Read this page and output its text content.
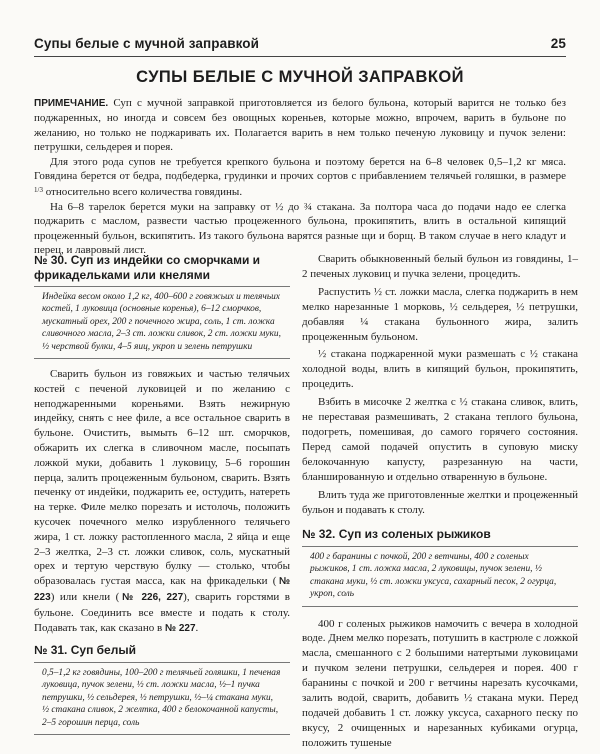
Супы белые с мучной заправкой	25
СУПЫ БЕЛЫЕ С МУЧНОЙ ЗАПРАВКОЙ

ПРИМЕЧАНИЕ. Суп с мучной заправкой приготовляется из белого бульона, который варится не только без поджаренных, но иногда и совсем без овощных кореньев, которые можно, впрочем, варить в бульоне по желанию, но только не поджаривать их. Полагается варить в нем только печеную луковицу и пучок зелени: петрушки, сельдерея и порея.

Для этого рода супов не требуется крепкого бульона и поэтому берется на 6–8 человек 0,5–1,2 кг мяса. Говядина берется от бедра, подбедерка, грудинки и прочих сортов с прибавлением телячьей голяшки, в размере $^{1/3}$ относительно всего количества говядины.

На 6–8 тарелок берется муки на заправку от ½ до ¾ стакана. За полтора часа до подачи надо ее слегка поджарить с маслом, развести частью процеженного бульона, прокипятить, влить в остальной кипящий процеженный бульон, вскипятить. Из такого бульона варятся разные щи и борщ. В таком случае в него кладут и перец, и лавровый лист.

№ 30. Суп из индейки со сморчками и фрикадельками или кнелями
Индейка весом около 1,2 кг, 400–600 г говяжьих и телячьих костей, 1 луковица (основные коренья), 6–12 сморчков, мускатный орех, 200 г почечного жира, соль, 1 ст. ложка сливочного масла, 2–3 ст. ложки сливок, 2 ст. ложки муки, ½ черствой булки, 4–5 яиц, укроп и зелень петрушки

Сварить бульон из говяжьих и частью телячьих костей с печеной луковицей и по желанию с неподжаренными кореньями. Взять нежирную индейку, снять с нее филе, а все остальное сварить в бульоне. Очистить, вымыть 6–12 шт. сморчков, обжарить их слегка в сливочном масле, посыпать ложкой муки, добавить 1 луковицу, 5–6 горошин перца, залить процеженным бульоном, сварить. Взять печенку от индейки, поджарить ее, остудить, натереть на терке. Филе мелко порезать и истолочь, положить кусочек почечного мелко изрубленного телячьего жира, 1 ст. ложку растопленного масла, 2 яйца и еще 2–3 желтка, 2–3 ст. ложки сливок, соль, мускатный орех и тертую черствую булку — столько, чтобы образовалась густая масса, как на фрикадельки (№ 223) или кнели (№ 226, 227), сварить горстями в бульоне. Соединить все вместе и подать к столу. Подавать так, как сказано в № 227.

№ 31. Суп белый
0,5–1,2 кг говядины, 100–200 г телячьей голяшки, 1 печеная луковица, пучок зелени, ½ ст. ложки масла, ½–1 пучка петрушки, ½ сельдерея, ½ петрушки, ½–¼ стакана муки, ½ стакана сливок, 2 желтка, 400 г белокочанной капусты, 2–5 горошин перца, соль

Сварить обыкновенный белый бульон из говядины, 1–2 печеных луковиц и пучка зелени, процедить.

Распустить ½ ст. ложки масла, слегка поджарить в нем мелко нарезанные 1 морковь, ½ сельдерея, ½ петрушки, добавляя ¼ стакана бульонного жира, залить процеженным бульоном.

½ стакана поджаренной муки размешать с ½ стакана холодной воды, влить в кипящий бульон, прокипятить, процедить.

Взбить в мисочке 2 желтка с ½ стакана сливок, влить, не переставая размешивать, 2 стакана теплого бульона, подогреть, помешивая, до самого горячего состояния. Перед самой подачей опустить в суповую миску белокочанную капусту, разрезанную на части, бланшированную и отдельно отваренную в бульоне.

Влить туда же приготовленные желтки и процеженный бульон и подавать к столу.

№ 32. Суп из соленых рыжиков
400 г баранины с почкой, 200 г ветчины, 400 г соленых рыжиков, 1 ст. ложка масла, 2 луковицы, пучок зелени, ½ стакана муки, ½ ст. ложки уксуса, сахарный песок, 2 огурца, укроп, соль

400 г соленых рыжиков намочить с вечера в холодной воде. Днем мелко порезать, потушить в кастрюле с ложкой масла, смешанного с 2 большими натертыми луковицами и пучком зелени петрушки, сельдерея и порея. 400 г баранины с почкой и 200 г ветчины нарезать кусочками, залить водой, сварить, добавить ½ стакана муки. Перед подачей добавить 1 ст. ложку уксуса, сахарного песку по вкусу, 2 очищенных и нарезанных кубиками огурца, положить тушеные
